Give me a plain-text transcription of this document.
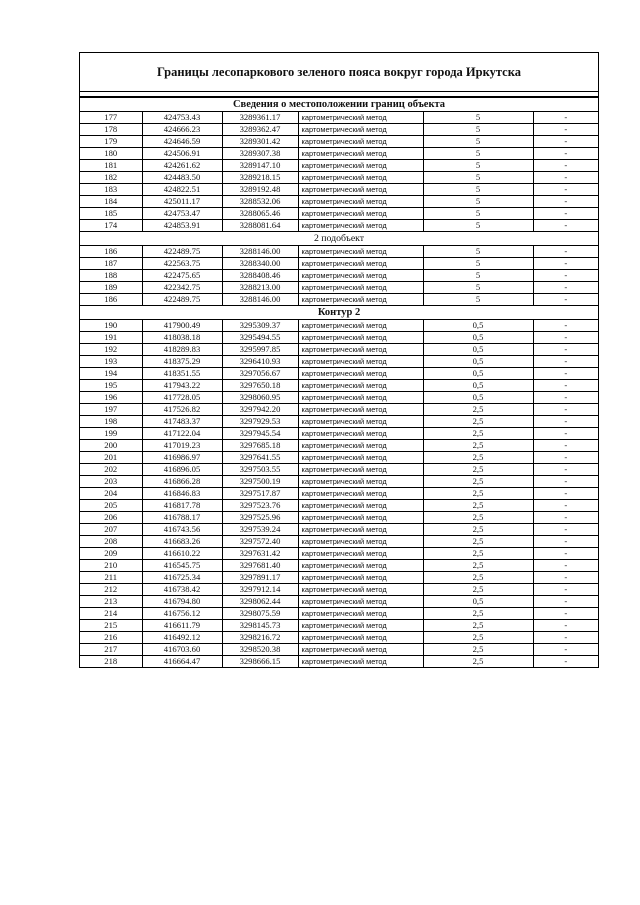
Границы лесопаркового зеленого пояса вокруг города Иркутска
Сведения о местоположении границ объекта					
177	424753.43	3289361.17	картометрический метод	5	-
178	424666.23	3289362.47	картометрический метод	5	-
179	424646.59	3289301.42	картометрический метод	5	-
180	424506.91	3289307.38	картометрический метод	5	-
181	424261.62	3289147.10	картометрический метод	5	-
182	424483.50	3289218.15	картометрический метод	5	-
183	424822.51	3289192.48	картометрический метод	5	-
184	425011.17	3288532.06	картометрический метод	5	-
185	424753.47	3288065.46	картометрический метод	5	-
174	424853.91	3288081.64	картометрический метод	5	-
2 подобъект					
186	422489.75	3288146.00	картометрический метод	5	-
187	422563.75	3288340.00	картометрический метод	5	-
188	422475.65	3288408.46	картометрический метод	5	-
189	422342.75	3288213.00	картометрический метод	5	-
186	422489.75	3288146.00	картометрический метод	5	-
Контур 2					
190	417900.49	3295309.37	картометрический метод	0,5	-
191	418038.18	3295494.55	картометрический метод	0,5	-
192	418289.83	3295997.85	картометрический метод	0,5	-
193	418375.29	3296410.93	картометрический метод	0,5	-
194	418351.55	3297056.67	картометрический метод	0,5	-
195	417943.22	3297650.18	картометрический метод	0,5	-
196	417728.05	3298060.95	картометрический метод	0,5	-
197	417526.82	3297942.20	картометрический метод	2,5	-
198	417483.37	3297929.53	картометрический метод	2,5	-
199	417122.04	3297945.54	картометрический метод	2,5	-
200	417019.23	3297685.18	картометрический метод	2,5	-
201	416986.97	3297641.55	картометрический метод	2,5	-
202	416896.05	3297503.55	картометрический метод	2,5	-
203	416866.28	3297500.19	картометрический метод	2,5	-
204	416846.83	3297517.87	картометрический метод	2,5	-
205	416817.78	3297523.76	картометрический метод	2,5	-
206	416788.17	3297525.96	картометрический метод	2,5	-
207	416743.56	3297539.24	картометрический метод	2,5	-
208	416683.26	3297572.40	картометрический метод	2,5	-
209	416610.22	3297631.42	картометрический метод	2,5	-
210	416545.75	3297681.40	картометрический метод	2,5	-
211	416725.34	3297891.17	картометрический метод	2,5	-
212	416738.42	3297912.14	картометрический метод	2,5	-
213	416794.80	3298062.44	картометрический метод	0,5	-
214	416756.12	3298075.59	картометрический метод	2,5	-
215	416611.79	3298145.73	картометрический метод	2,5	-
216	416492.12	3298216.72	картометрический метод	2,5	-
217	416703.60	3298520.38	картометрический метод	2,5	-
218	416664.47	3298666.15	картометрический метод	2,5	-
